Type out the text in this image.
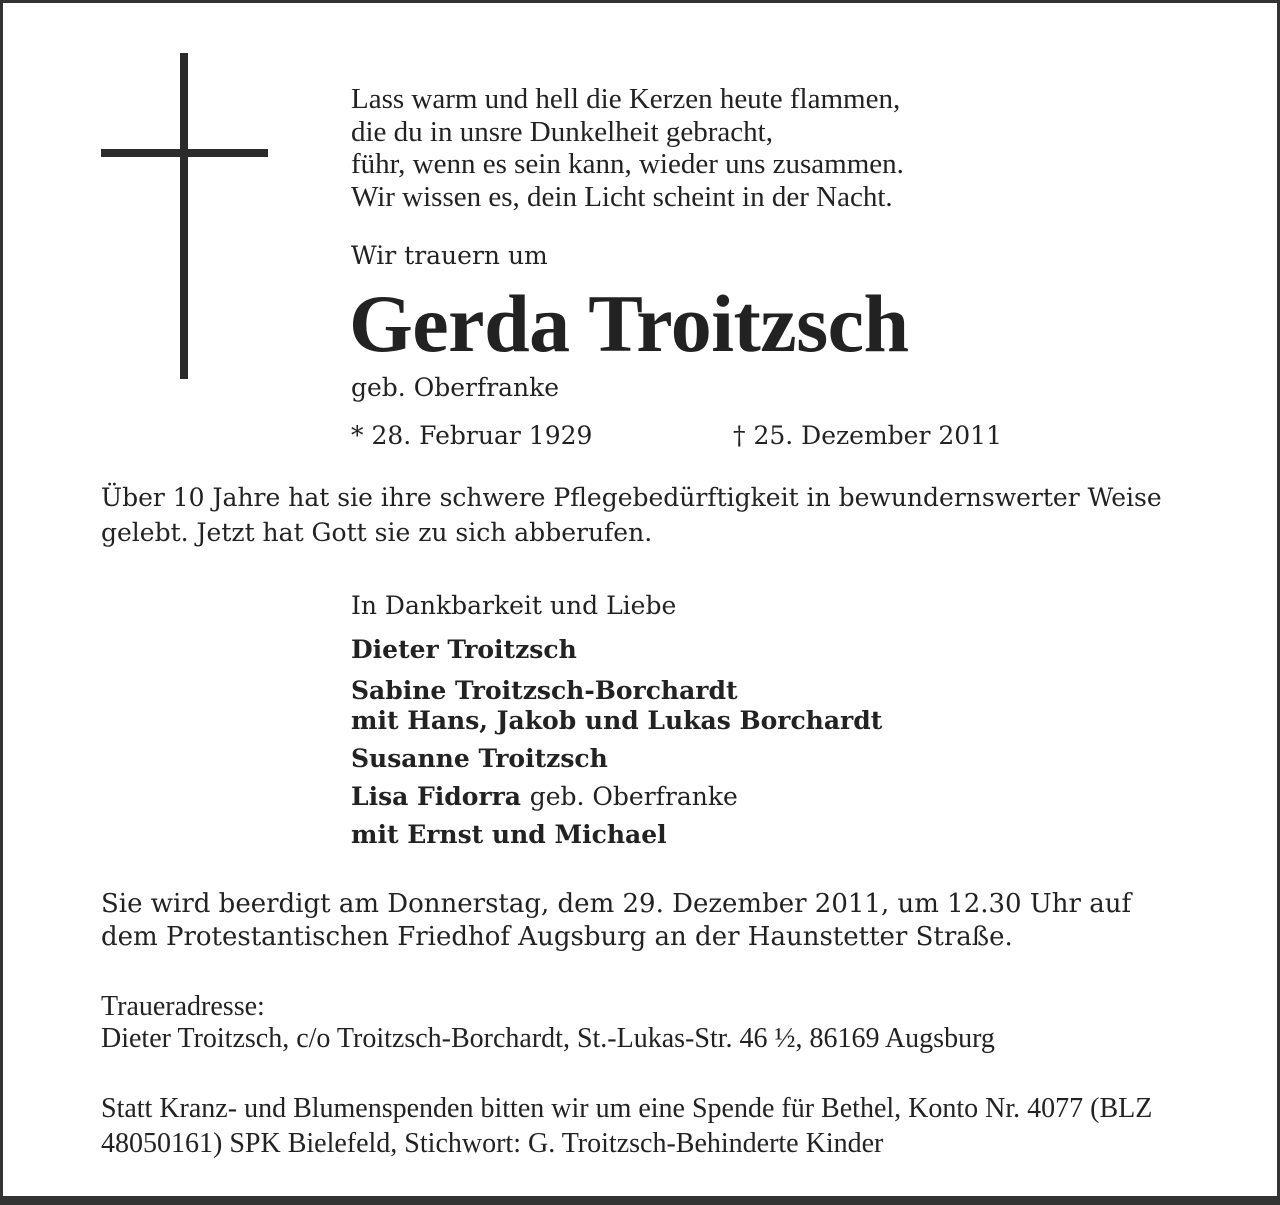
Lass warm und hell die Kerzen heute flammen,
die du in unsre Dunkelheit gebracht,
führ, wenn es sein kann, wieder uns zusammen.
Wir wissen es, dein Licht scheint in der Nacht.
Wir trauern um
Gerda Troitzsch
geb. Oberfranke
* 28. Februar 1929	† 25. Dezember 2011
Über 10 Jahre hat sie ihre schwere Pflegebedürftigkeit in bewundernswerter Weise gelebt. Jetzt hat Gott sie zu sich abberufen.
In Dankbarkeit und Liebe
Dieter Troitzsch
Sabine Troitzsch-Borchardt
mit Hans, Jakob und Lukas Borchardt
Susanne Troitzsch
Lisa Fidorra geb. Oberfranke
mit Ernst und Michael
Sie wird beerdigt am Donnerstag, dem 29. Dezember 2011, um 12.30 Uhr auf dem Protestantischen Friedhof Augsburg an der Haunstetter Straße.
Traueradresse:
Dieter Troitzsch, c/o Troitzsch-Borchardt, St.-Lukas-Str. 46 ½, 86169 Augsburg
Statt Kranz- und Blumenspenden bitten wir um eine Spende für Bethel, Konto Nr. 4077 (BLZ 48050161) SPK Bielefeld, Stichwort: G. Troitzsch-Behinderte Kinder
